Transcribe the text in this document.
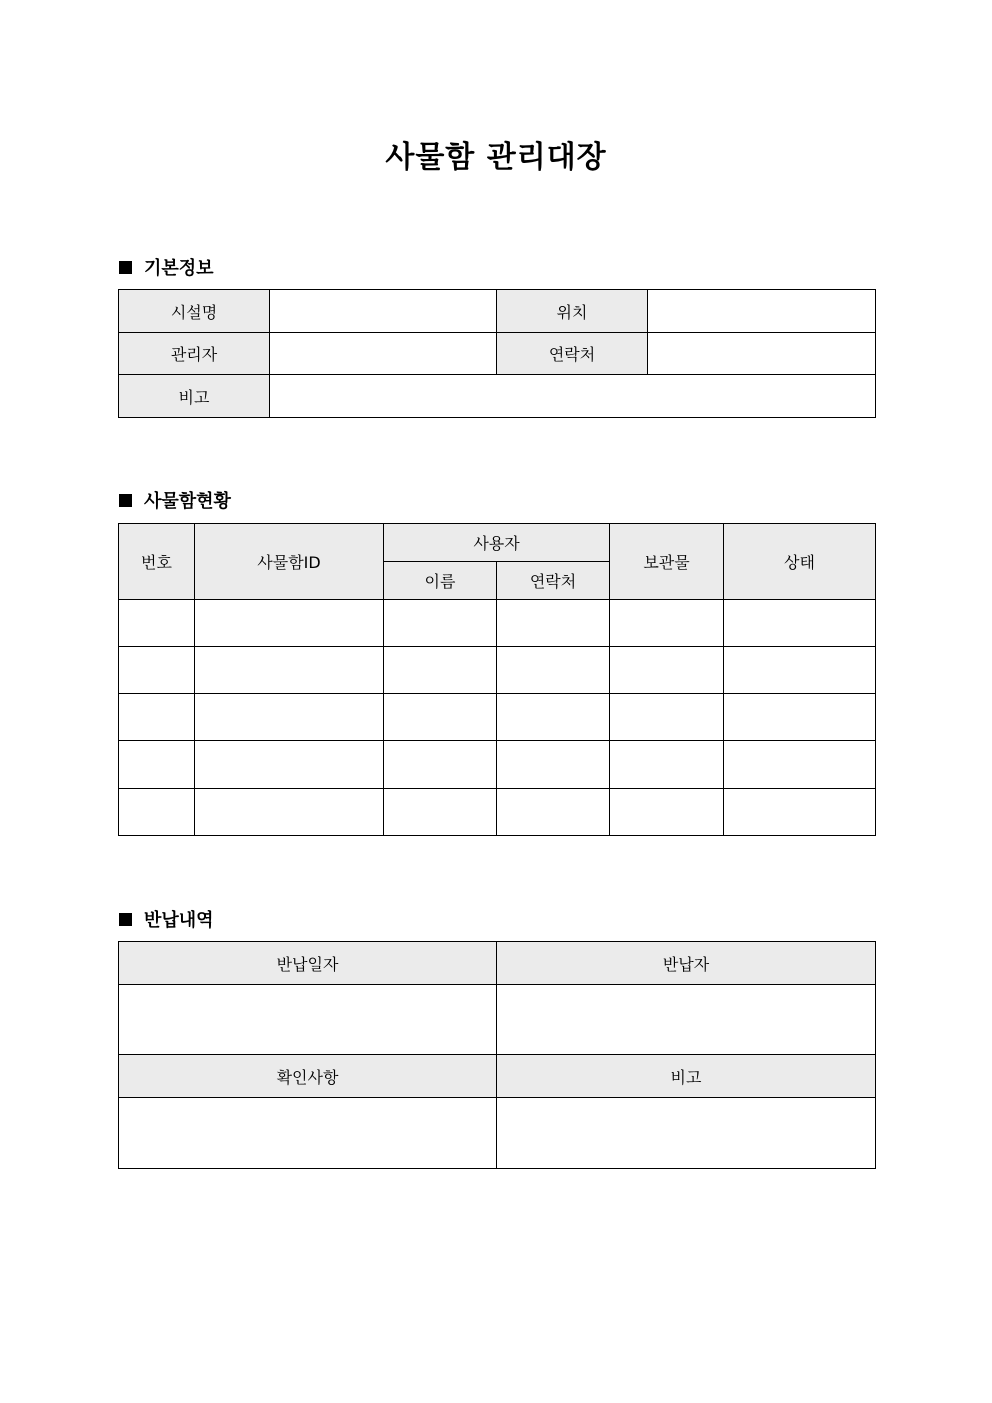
사물함 관리대장
기본정보
시설명		위치	
관리자		연락처	
비고			
사물함현황
번호	사물함ID	사용자		보관물	상태
		이름	연락처		

반납내역
반납일자	반납자

확인사항	비고
